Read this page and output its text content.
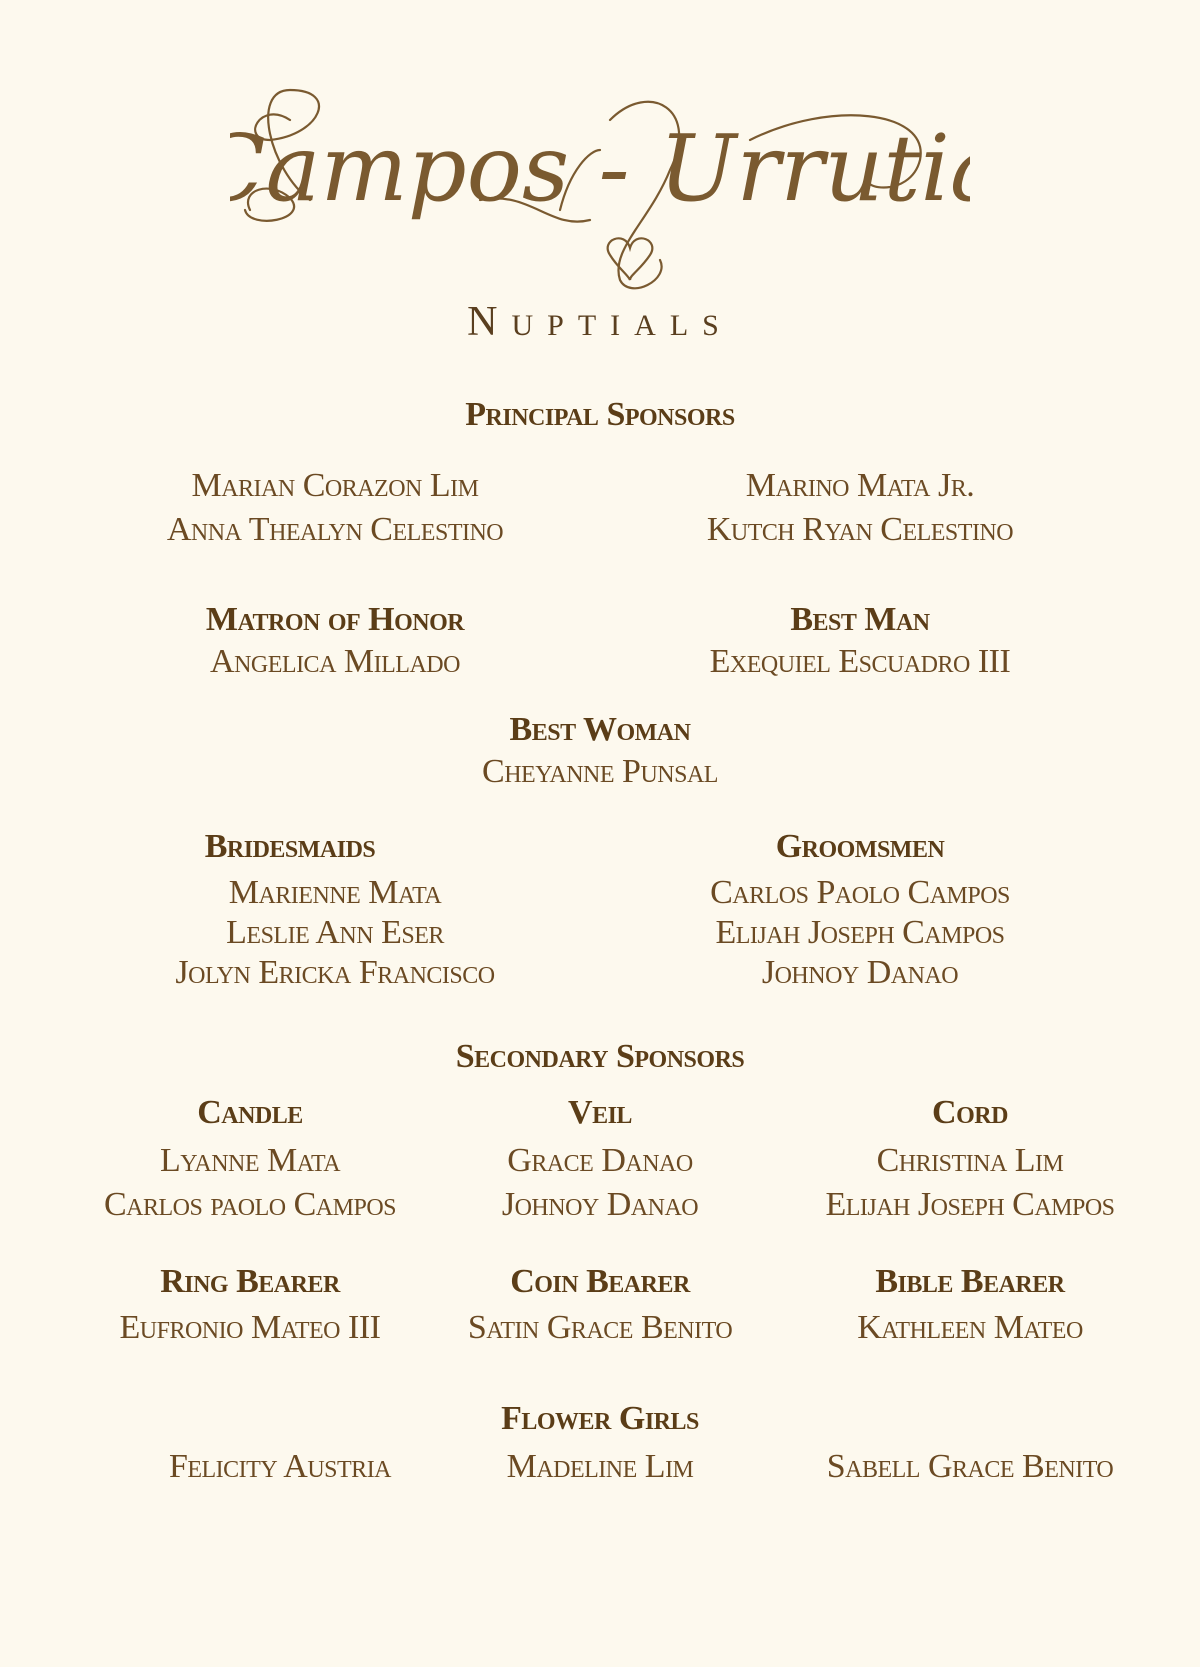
Campos - Urrutia
NUPTIALS
Principal Sponsors
Marian Corazon Lim
Anna Thealyn Celestino
Marino Mata Jr.
Kutch Ryan Celestino
Matron of Honor
Angelica Millado
Best Man
Exequiel Escuadro III
Best Woman
Cheyanne Punsal
Bridesmaids
Marienne Mata
Leslie Ann Eser
Jolyn Ericka Francisco
Groomsmen
Carlos Paolo Campos
Elijah Joseph Campos
Johnoy Danao
Secondary Sponsors
Candle
Lyanne Mata
Carlos paolo Campos
Veil
Grace Danao
Johnoy Danao
Cord
Christina Lim
Elijah Joseph Campos
Ring Bearer
Eufronio Mateo III
Coin Bearer
Satin Grace Benito
Bible Bearer
Kathleen Mateo
Flower Girls
Felicity Austria	Madeline Lim	Sabell Grace Benito
